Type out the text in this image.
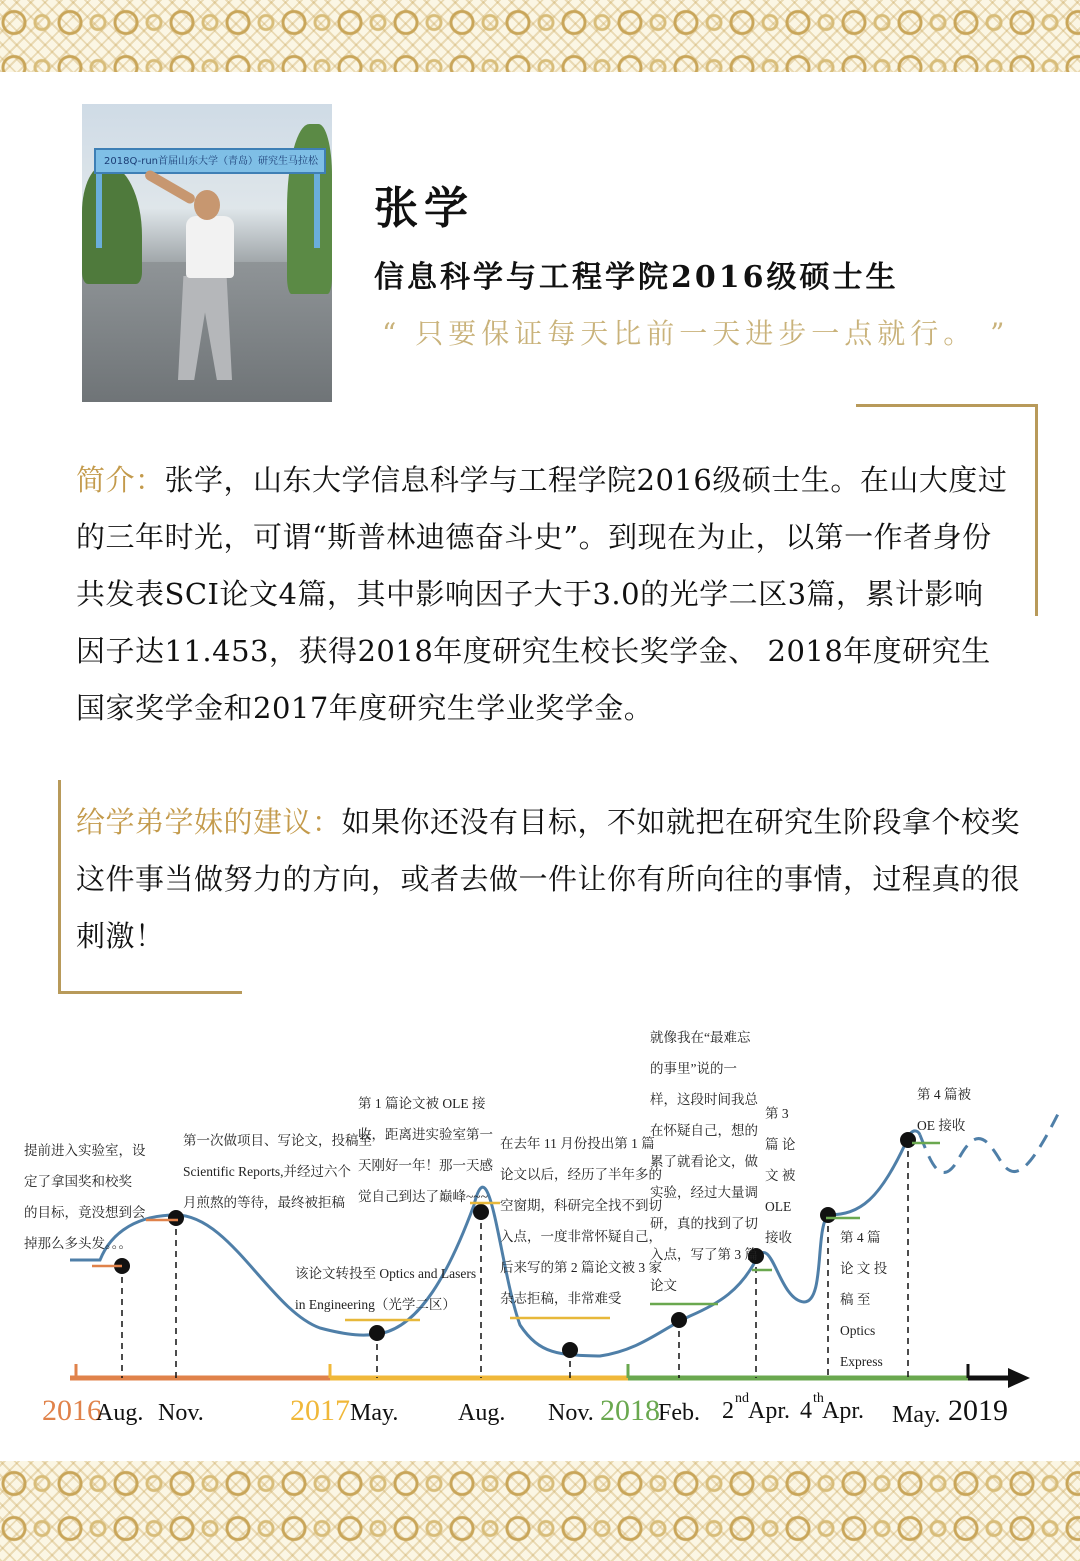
2018Q-run首届山东大学（青岛）研究生马拉松
张学
信息科学与工程学院2016级硕士生
“ 只要保证每天比前一天进步一点就行。 ”
简介：张学，山东大学信息科学与工程学院2016级硕士生。在山大度过的三年时光，可谓“斯普林迪德奋斗史”。到现在为止，以第一作者身份共发表SCI论文4篇，其中影响因子大于3.0的光学二区3篇，累计影响因子达11.453，获得2018年度研究生校长奖学金、 2018年度研究生国家奖学金和2017年度研究生学业奖学金。
给学弟学妹的建议：如果你还没有目标，不如就把在研究生阶段拿个校奖这件事当做努力的方向，或者去做一件让你有所向往的事情，过程真的很刺激！
2016	2017	2018	2019
Aug. Nov.	May. Aug. Nov.	Feb. 2 nd Apr. 4 th
Apr. May.
提前进入实验室，设
定了拿国奖和校奖
的目标，竟没想到会
掉那么多头发。。。
第一次做项目、写论文，投稿至
Scientific Reports,并经过六个
月煎熬的等待，最终被拒稿
该论文转投至 Optics and Lasers
in Engineering（光学二区）
第 1 篇论文被 OLE 接
收，距离进实验室第一
天刚好一年！那一天感
觉自己到达了巅峰~~~
在去年 11 月份投出第 1 篇
论文以后，经历了半年多的
空窗期，科研完全找不到切
入点，一度非常怀疑自己，
后来写的第 2 篇论文被 3 家
杂志拒稿，非常难受
就像我在“最难忘
的事里”说的一
样，这段时间我总
在怀疑自己，想的
累了就看论文，做
实验，经过大量调
研，真的找到了切
入点，写了第 3 篇
论文
第 3
篇 论
文 被
OLE
接收	第 4 篇
论 文 投
稿 至
Optics
Express
第 4 篇被
OE 接收
